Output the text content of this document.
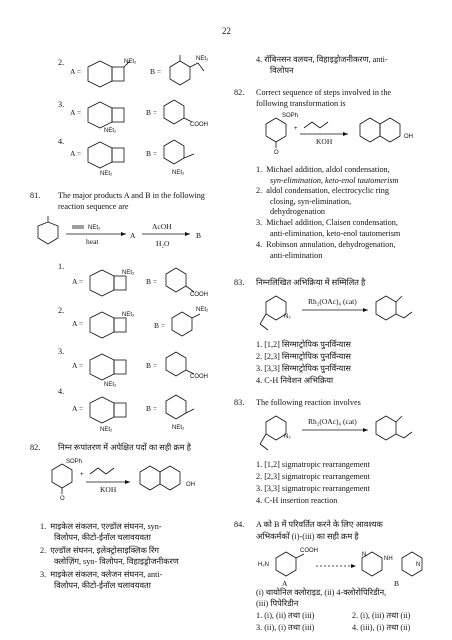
22
2.
3.
4.
A =
NEt₂
B =
NEt₂
A =
NEt₂
B =
COOH
A =
NEt₂
B =
NEt₂
81. The major products A and B in the following reaction sequence are
NEt₂
heat
A
AcOH
H₂O
B
1.
A =
NEt₂
B =
COOH
2.
A =
NEt₂
B =
NEt₂
3.
A =
NEt₂
B =
COOH
4.
A =
NEt₂
B =
NEt₂
82. निम्न रूपांतरण में अपेक्षित पदों का सही क्रम है
SOPh
O
+
KOH	OH
1. माइकेल संकलन, एल्डॉल संघनन, syn-
विलोपन, कीटो-ईनॉल चलावयवता
2. एल्डॉल संघनन, इलेक्ट्रोसाइक्लिक रिंग
क्लोज़िंग, syn- विलोपन, विहाइड्रोजनीकरण
3. माइकेल संकलन, क्लेजन संघनन, anti-
विलोपन, कीटो-ईनॉल चलावयवता
4. रॉबिनसन वलयन, विहाइड्रोजनीकरण, anti-
विलोपन
82. Correct sequence of steps involved in the
following transformation is
SOPh
O
+
KOH	OH
1. Michael addition, aldol condensation,
syn-elimination, keto-enol tautomerism
2. aldol condensation, electrocyclic ring
closing, syn-elimination,
dehydrogenation
3. Michael addition, Claisen condensation,
anti-elimination, keto-enol tautomerism
4. Robinson annulation, dehydrogenation,
anti-elimination
83. निम्नलिखित अभिक्रिया में सम्मिलित है
N₂
Rh₂(OAc)₄ (cat)
1. [1,2] सिग्माट्रोपिक पुनर्विन्यास
2. [2,3] सिग्माट्रोपिक पुनर्विन्यास
3. [3,3] सिग्माट्रोपिक पुनर्विन्यास
4. C-H निवेशन अभिक्रिया
83. The following reaction involves
N₂
Rh₂(OAc)₄ (cat)
1. [1,2] sigmatropic rearrangement
2. [2,3] sigmatropic rearrangement
3. [3,3] sigmatropic rearrangement
4. C-H insertion reaction
84. A को B में परिवर्तित करने के लिए आवश्यक
अभिकर्मकों (i)-(iii) का सही क्रम है
H₂N
COOH
A
N
NH
N
B
(i) थायोनिल क्लोराइड, (ii) 4-क्लोरोपिरिडीन,
(iii) पिपेरिडीन
1. (i), (ii) तथा (iii)	2. (i), (iii) तथा (ii)
3. (ii), (i) तथा (iii)	4. (iii), (i) तथा (ii)
